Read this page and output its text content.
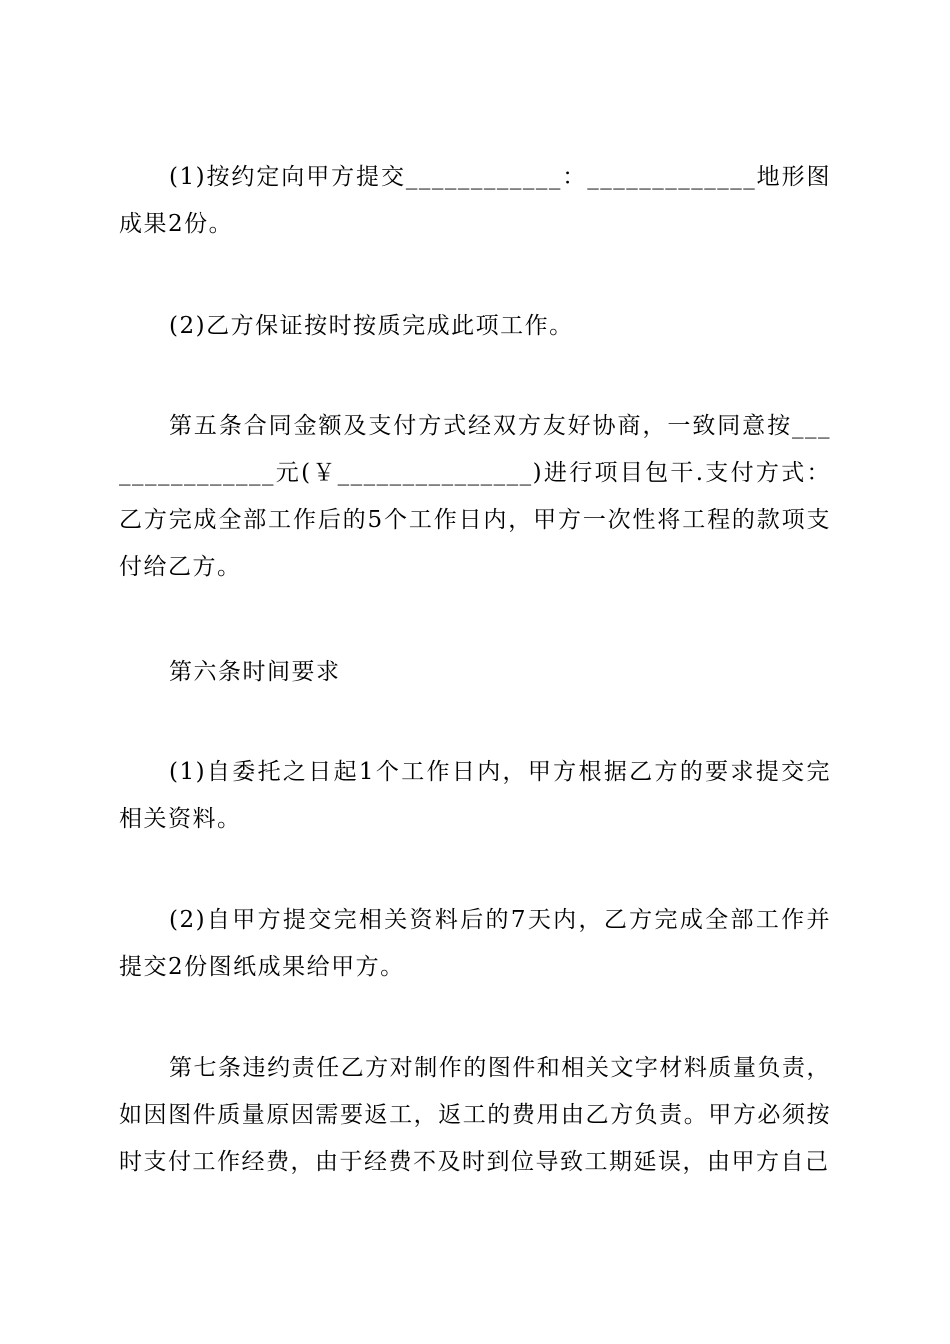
(1)按约定向甲方提交____________：_____________地形图成果2份。

(2)乙方保证按时按质完成此项工作。

第五条合同金额及支付方式经双方友好协商，一致同意按_______________元(￥_______________)进行项目包干.支付方式：乙方完成全部工作后的5个工作日内，甲方一次性将工程的款项支付给乙方。

第六条时间要求

(1)自委托之日起1个工作日内，甲方根据乙方的要求提交完相关资料。

(2)自甲方提交完相关资料后的7天内，乙方完成全部工作并提交2份图纸成果给甲方。

第七条违约责任乙方对制作的图件和相关文字材料质量负责，如因图件质量原因需要返工，返工的费用由乙方负责。甲方必须按时支付工作经费，由于经费不及时到位导致工期延误，由甲方自己
